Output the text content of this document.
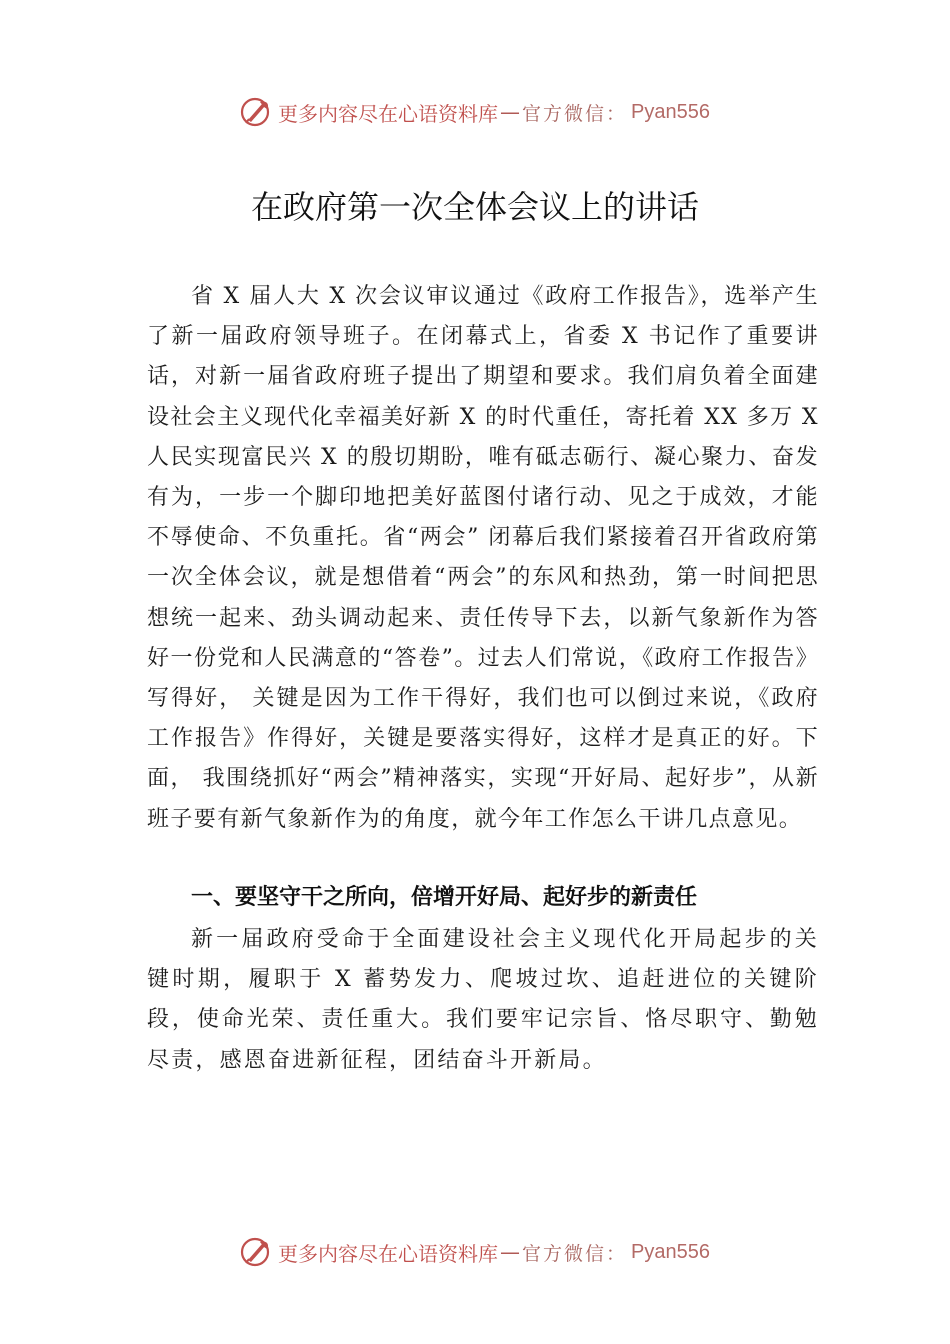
更多内容尽在心语资料库 — 官方微信： Pyan556
在政府第一次全体会议上的讲话

省 X 届人大 X 次会议审议通过《政府工作报告》，选举产生了新一届政府领导班子。在闭幕式上，省委 X 书记作了重要讲话，对新一届省政府班子提出了期望和要求。我们肩负着全面建设社会主义现代化幸福美好新 X 的时代重任，寄托着 XX 多万 X 人民实现富民兴 X 的殷切期盼，唯有砥志砺行、凝心聚力、奋发有为，一步一个脚印地把美好蓝图付诸行动、见之于成效，才能不辱使命、不负重托。省“两会” 闭幕后我们紧接着召开省政府第一次全体会议，就是想借着“两会”的东风和热劲，第一时间把思想统一起来、劲头调动起来、责任传导下去，以新气象新作为答好一份党和人民满意的“答卷”。过去人们常说，《政府工作报告》写得好， 关键是因为工作干得好，我们也可以倒过来说，《政府工作报告》作得好，关键是要落实得好，这样才是真正的好。下面， 我围绕抓好“两会”精神落实，实现“开好局、起好步”，从新班子要有新气象新作为的角度，就今年工作怎么干讲几点意见。

一、要坚守干之所向，倍增开好局、起好步的新责任

新一届政府受命于全面建设社会主义现代化开局起步的关键时期，履职于 X 蓄势发力、爬坡过坎、追赶进位的关键阶段，使命光荣、责任重大。我们要牢记宗旨、恪尽职守、勤勉尽责，感恩奋进新征程，团结奋斗开新局。

更多内容尽在心语资料库 — 官方微信： Pyan556
